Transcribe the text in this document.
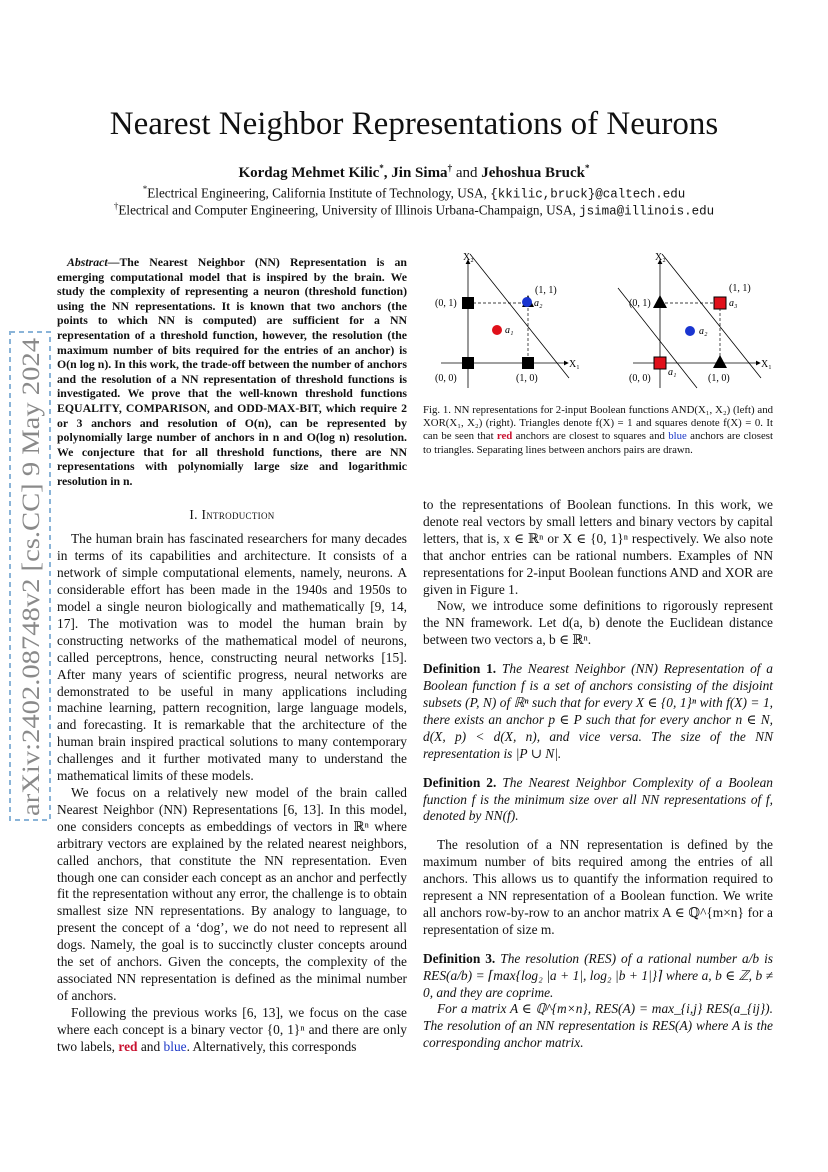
arXiv:2402.08748v2 [cs.CC] 9 May 2024
Nearest Neighbor Representations of Neurons
Kordag Mehmet Kilic*, Jin Sima† and Jehoshua Bruck*
*Electrical Engineering, California Institute of Technology, USA, {kkilic,bruck}@caltech.edu
†Electrical and Computer Engineering, University of Illinois Urbana-Champaign, USA, jsima@illinois.edu

Abstract—The Nearest Neighbor (NN) Representation is an emerging computational model that is inspired by the brain. We study the complexity of representing a neuron (threshold function) using the NN representations. It is known that two anchors (the points to which NN is computed) are sufficient for a NN representation of a threshold function, however, the resolution (the maximum number of bits required for the entries of an anchor) is O(n log n). In this work, the trade-off between the number of anchors and the resolution of a NN representation of threshold functions is investigated. We prove that the well-known threshold functions EQUALITY, COMPARISON, and ODD-MAX-BIT, which require 2 or 3 anchors and resolution of O(n), can be represented by polynomially large number of anchors in n and O(log n) resolution. We conjecture that for all threshold functions, there are NN representations with polynomially large size and logarithmic resolution in n.

I. Introduction

The human brain has fascinated researchers for many decades in terms of its capabilities and architecture. It consists of a network of simple computational elements, namely, neurons. A considerable effort has been made in the 1940s and 1950s to model a single neuron biologically and mathematically [9, 14, 17]. The motivation was to model the human brain by constructing networks of the mathematical model of neurons, called perceptrons, hence, constructing neural networks [15]. After many years of scientific progress, neural networks are demonstrated to be useful in many applications including machine learning, pattern recognition, large language models, and forecasting. It is remarkable that the architecture of the human brain inspired practical solutions to many contemporary challenges and it further motivated many to understand the mathematical limits of these models.

We focus on a relatively new model of the brain called Nearest Neighbor (NN) Representations [6, 13]. In this model, one considers concepts as embeddings of vectors in ℝⁿ where arbitrary vectors are explained by the related nearest neighbors, called anchors, that constitute the NN representation. Even though one can consider each concept as an anchor and perfectly fit the representation without any error, the challenge is to obtain smallest size NN representations. By analogy to language, to present the concept of a ‘dog’, we do not need to represent all dogs. Namely, the goal is to succinctly cluster concepts around the set of anchors. Given the concepts, the complexity of the associated NN representation is defined as the minimal number of anchors.

Following the previous works [6, 13], we focus on the case where each concept is a binary vector {0, 1}ⁿ and there are only two labels, red and blue. Alternatively, this corresponds

X₂
X₁
(0, 1)
(0, 0)	(1, 0)
(1, 1)
a₁
a₂
X₂
X₁
(0, 1)
(0, 0)	(1, 0)
(1, 1)
a₁
a₂
a₃
Fig. 1. NN representations for 2-input Boolean functions AND(X₁, X₂) (left) and XOR(X₁, X₂) (right). Triangles denote f(X) = 1 and squares denote f(X) = 0. It can be seen that red anchors are closest to squares and blue anchors are closest to triangles. Separating lines between anchors pairs are drawn.

to the representations of Boolean functions. In this work, we denote real vectors by small letters and binary vectors by capital letters, that is, x ∈ ℝⁿ or X ∈ {0, 1}ⁿ respectively. We also note that anchor entries can be rational numbers. Examples of NN representations for 2-input Boolean functions AND and XOR are given in Figure 1.

Now, we introduce some definitions to rigorously represent the NN framework. Let d(a, b) denote the Euclidean distance between two vectors a, b ∈ ℝⁿ.

Definition 1. The Nearest Neighbor (NN) Representation of a Boolean function f is a set of anchors consisting of the disjoint subsets (P, N) of ℝⁿ such that for every X ∈ {0, 1}ⁿ with f(X) = 1, there exists an anchor p ∈ P such that for every anchor n ∈ N, d(X, p) < d(X, n), and vice versa. The size of the NN representation is |P ∪ N|.

Definition 2. The Nearest Neighbor Complexity of a Boolean function f is the minimum size over all NN representations of f, denoted by NN(f).

The resolution of a NN representation is defined by the maximum number of bits required among the entries of all anchors. This allows us to quantify the information required to represent a NN representation of a Boolean function. We write all anchors row-by-row to an anchor matrix A ∈ ℚ^{m×n} for a representation of size m.

Definition 3. The resolution (RES) of a rational number a/b is RES(a/b) = ⌈max{log₂ |a + 1|, log₂ |b + 1|}⌉ where a, b ∈ ℤ, b ≠ 0, and they are coprime.

For a matrix A ∈ ℚ^{m×n}, RES(A) = max_{i,j} RES(a_{ij}). The resolution of an NN representation is RES(A) where A is the corresponding anchor matrix.
